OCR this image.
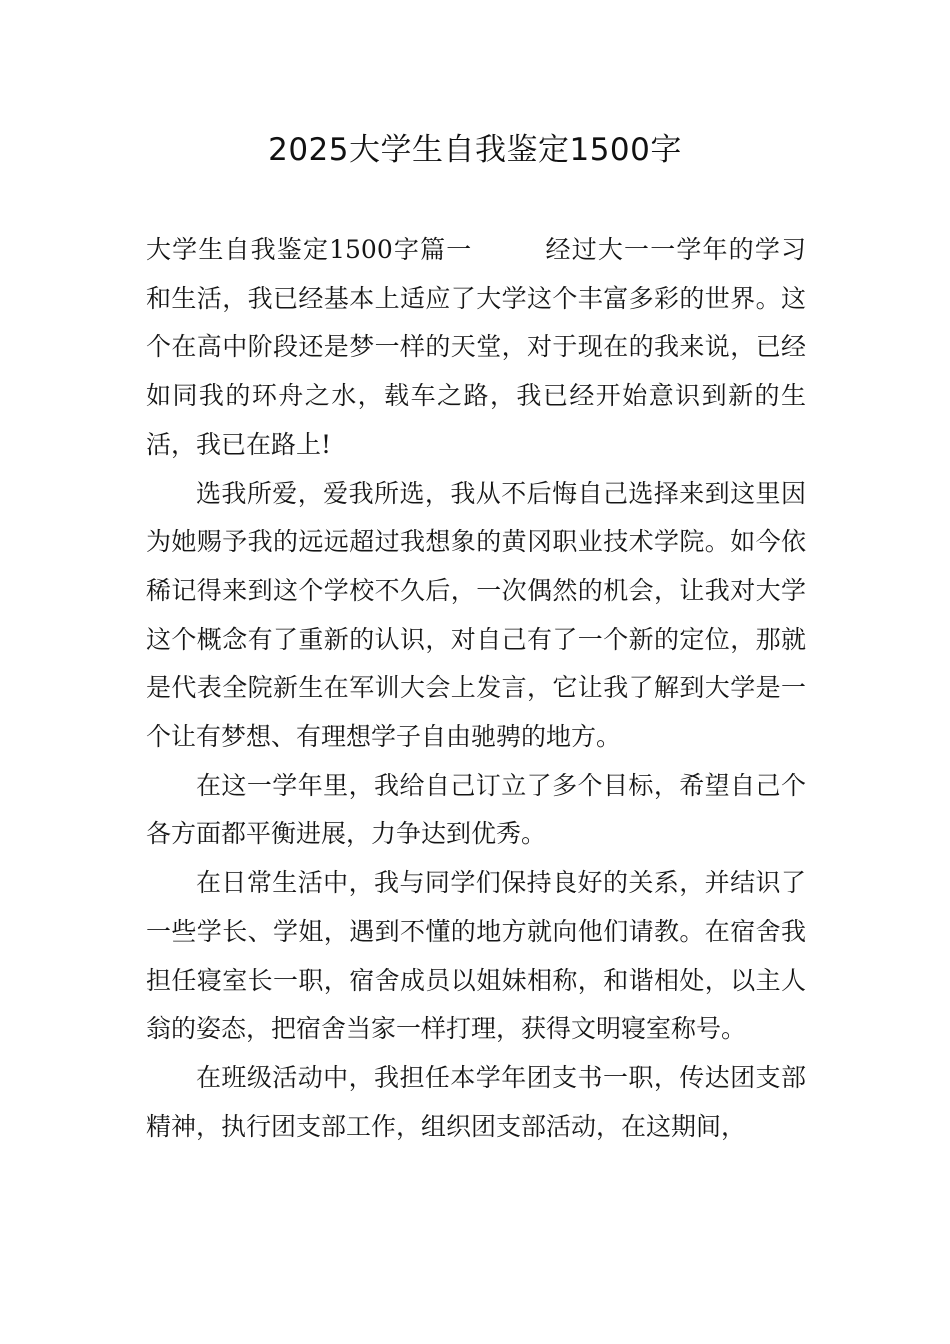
2025大学生自我鉴定1500字

大学生自我鉴定1500字篇一	经过大一一学年的学习和生活，我已经基本上适应了大学这个丰富多彩的世界。这个在高中阶段还是梦一样的天堂，对于现在的我来说，已经如同我的环舟之水，载车之路，我已经开始意识到新的生活，我已在路上!

选我所爱，爱我所选，我从不后悔自己选择来到这里因为她赐予我的远远超过我想象的黄冈职业技术学院。如今依稀记得来到这个学校不久后，一次偶然的机会，让我对大学这个概念有了重新的认识，对自己有了一个新的定位，那就是代表全院新生在军训大会上发言，它让我了解到大学是一个让有梦想、有理想学子自由驰骋的地方。

在这一学年里，我给自己订立了多个目标，希望自己个各方面都平衡进展，力争达到优秀。

在日常生活中，我与同学们保持良好的关系，并结识了一些学长、学姐，遇到不懂的地方就向他们请教。在宿舍我担任寝室长一职，宿舍成员以姐妹相称，和谐相处，以主人翁的姿态，把宿舍当家一样打理，获得文明寝室称号。

在班级活动中，我担任本学年团支书一职，传达团支部精神，执行团支部工作，组织团支部活动，在这期间，
